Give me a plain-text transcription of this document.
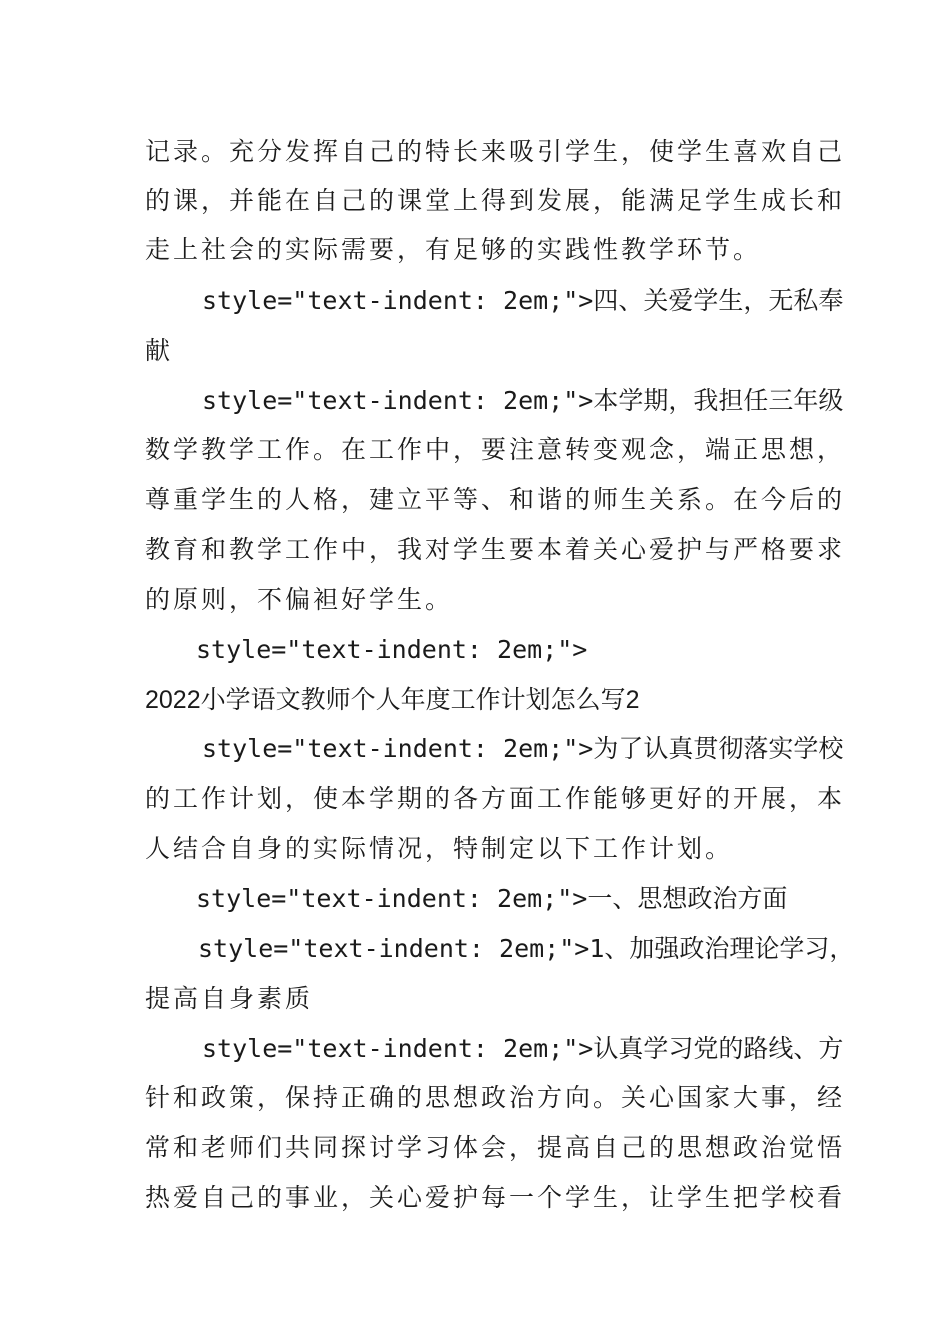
记录。充分发挥自己的特长来吸引学生，使学生喜欢自己
的课，并能在自己的课堂上得到发展，能满足学生成长和
走上社会的实际需要，有足够的实践性教学环节。
style="text-indent: 2em;">四、关爱学生，无私奉
献
style="text-indent: 2em;">本学期，我担任三年级
数学教学工作。在工作中，要注意转变观念，端正思想，
尊重学生的人格，建立平等、和谐的师生关系。在今后的
教育和教学工作中，我对学生要本着关心爱护与严格要求
的原则，不偏袒好学生。
style="text-indent: 2em;">
2022小学语文教师个人年度工作计划怎么写2
style="text-indent: 2em;">为了认真贯彻落实学校
的工作计划，使本学期的各方面工作能够更好的开展，本
人结合自身的实际情况，特制定以下工作计划。
style="text-indent: 2em;">一、思想政治方面
style="text-indent: 2em;">1、加强政治理论学习，
提高自身素质
style="text-indent: 2em;">认真学习党的路线、方
针和政策，保持正确的思想政治方向。关心国家大事，经
常和老师们共同探讨学习体会，提高自己的思想政治觉悟
热爱自己的事业，关心爱护每一个学生，让学生把学校看
